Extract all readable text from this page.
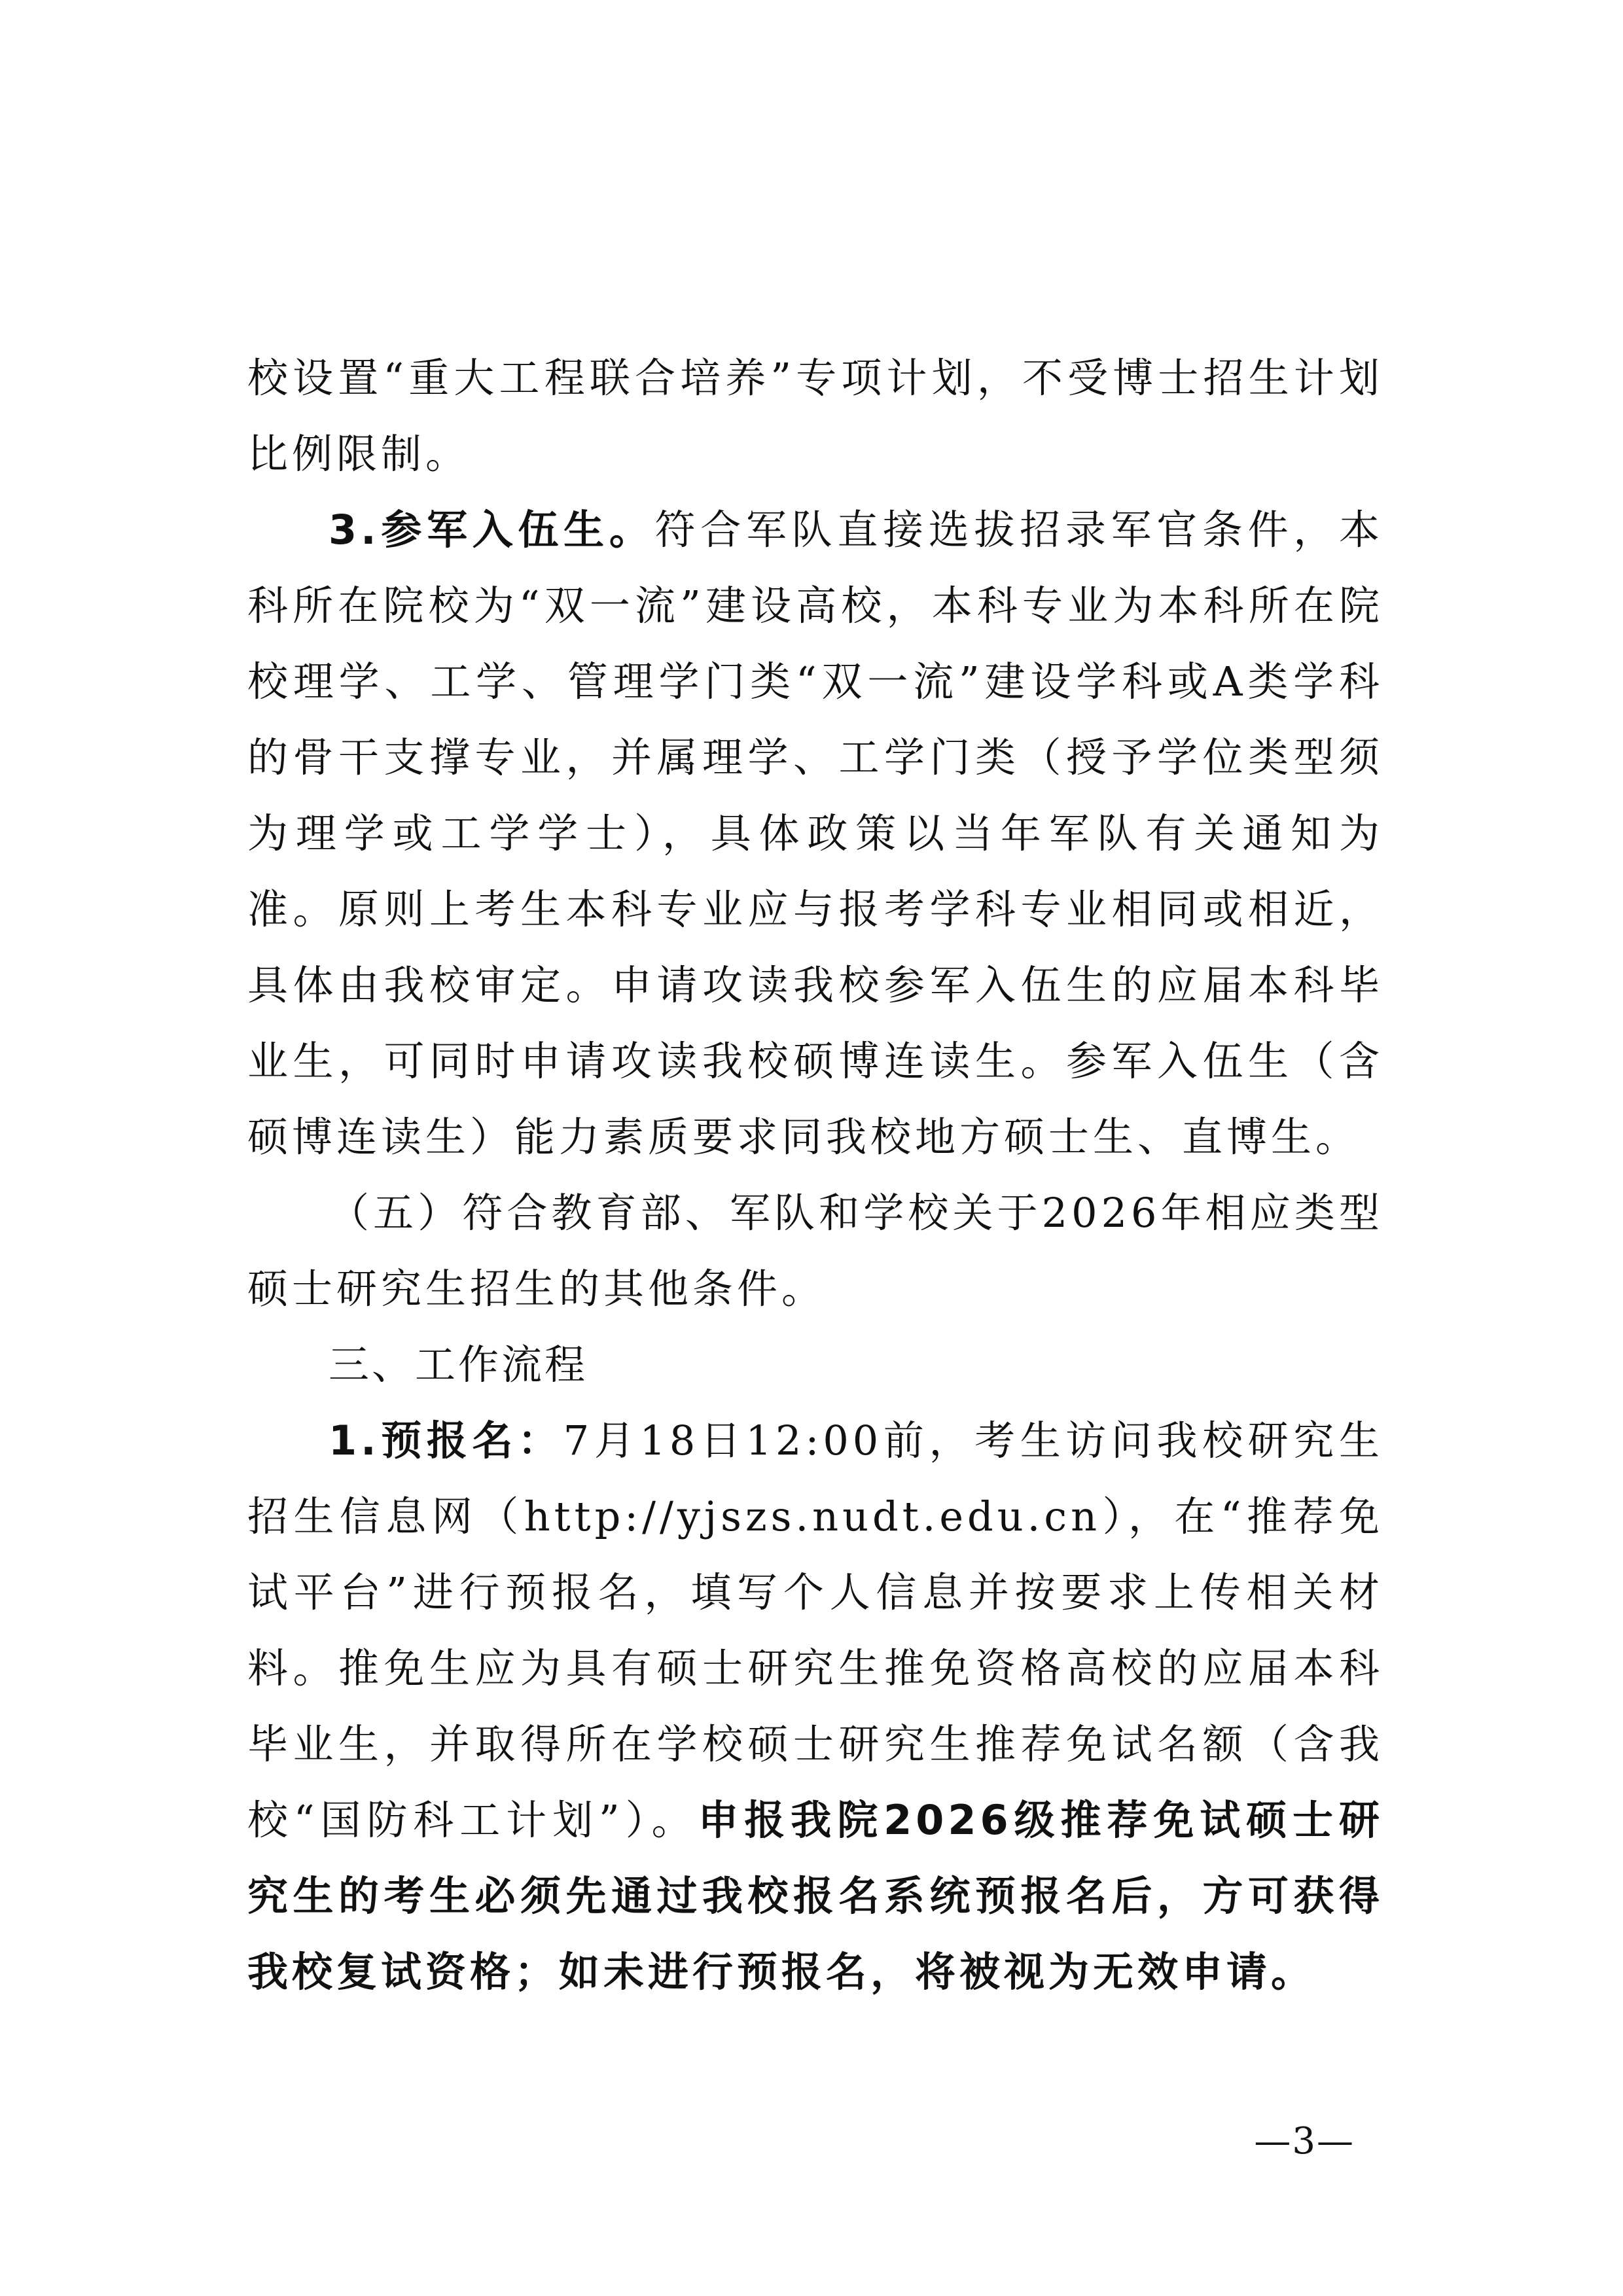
校设置“重大工程联合培养”专项计划，不受博士招生计划比例限制。

3.参军入伍生。符合军队直接选拔招录军官条件，本科所在院校为“双一流”建设高校，本科专业为本科所在院校理学、工学、管理学门类“双一流”建设学科或A类学科的骨干支撑专业，并属理学、工学门类（授予学位类型须为理学或工学学士），具体政策以当年军队有关通知为准。原则上考生本科专业应与报考学科专业相同或相近，具体由我校审定。申请攻读我校参军入伍生的应届本科毕业生，可同时申请攻读我校硕博连读生。参军入伍生（含硕博连读生）能力素质要求同我校地方硕士生、直博生。

（五）符合教育部、军队和学校关于2026年相应类型硕士研究生招生的其他条件。

三、工作流程

1.预报名：7月18日12:00前，考生访问我校研究生招生信息网（http://yjszs.nudt.edu.cn），在“推荐免试平台”进行预报名，填写个人信息并按要求上传相关材料。推免生应为具有硕士研究生推免资格高校的应届本科毕业生，并取得所在学校硕士研究生推荐免试名额（含我校“国防科工计划”）。申报我院2026级推荐免试硕士研究生的考生必须先通过我校报名系统预报名后，方可获得我校复试资格；如未进行预报名，将被视为无效申请。

—3—
